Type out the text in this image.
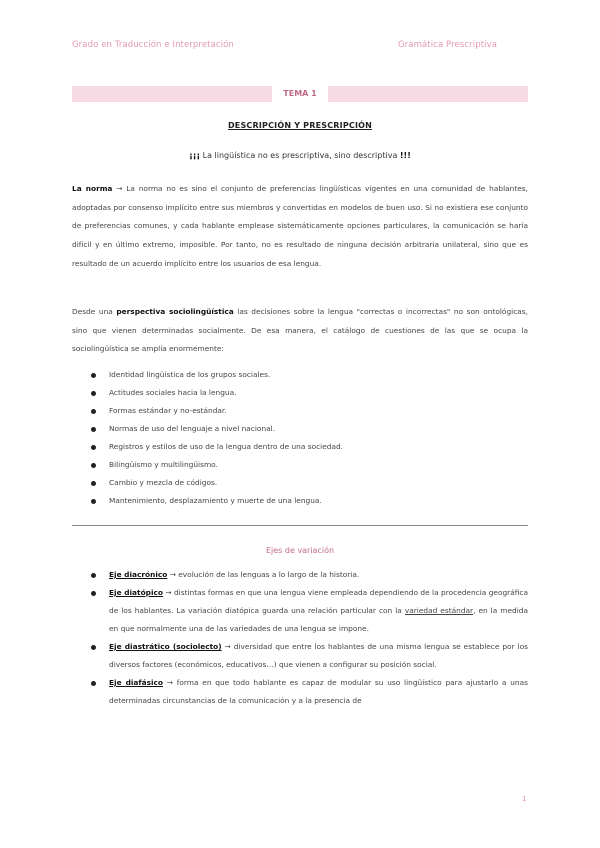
Grado en Traducción e Interpretación	Gramática Prescriptiva
TEMA 1
DESCRIPCIÓN Y PRESCRIPCIÓN
¡¡¡ La lingüística no es prescriptiva, sino descriptiva !!!
La norma → La norma no es sino el conjunto de preferencias lingüísticas vigentes en una comunidad de hablantes, adoptadas por consenso implícito entre sus miembros y convertidas en modelos de buen uso. Si no existiera ese conjunto de preferencias comunes, y cada hablante emplease sistemáticamente opciones particulares, la comunicación se haría difícil y en último extremo, imposible. Por tanto, no es resultado de ninguna decisión arbitraria unilateral, sino que es resultado de un acuerdo implícito entre los usuarios de esa lengua.
Desde una perspectiva sociolingüística las decisiones sobre la lengua "correctas o incorrectas" no son ontológicas, sino que vienen determinadas socialmente. De esa manera, el catálogo de cuestiones de las que se ocupa la sociolingüística se amplía enormemente:
Identidad lingüística de los grupos sociales.
Actitudes sociales hacia la lengua.
Formas estándar y no-estándar.
Normas de uso del lenguaje a nivel nacional.
Registros y estilos de uso de la lengua dentro de una sociedad.
Bilingüismo y multilingüismo.
Cambio y mezcla de códigos.
Mantenimiento, desplazamiento y muerte de una lengua.
Ejes de variación
Eje diacrónico → evolución de las lenguas a lo largo de la historia.
Eje diatópico → distintas formas en que una lengua viene empleada dependiendo de la procedencia geográfica de los hablantes. La variación diatópica guarda una relación particular con la variedad estándar, en la medida en que normalmente una de las variedades de una lengua se impone.
Eje diastrático (sociolecto) → diversidad que entre los hablantes de una misma lengua se establece por los diversos factores (económicos, educativos…) que vienen a configurar su posición social.
Eje diafásico → forma en que todo hablante es capaz de modular su uso lingüístico para ajustarlo a unas determinadas circunstancias de la comunicación y a la presencia de
1
